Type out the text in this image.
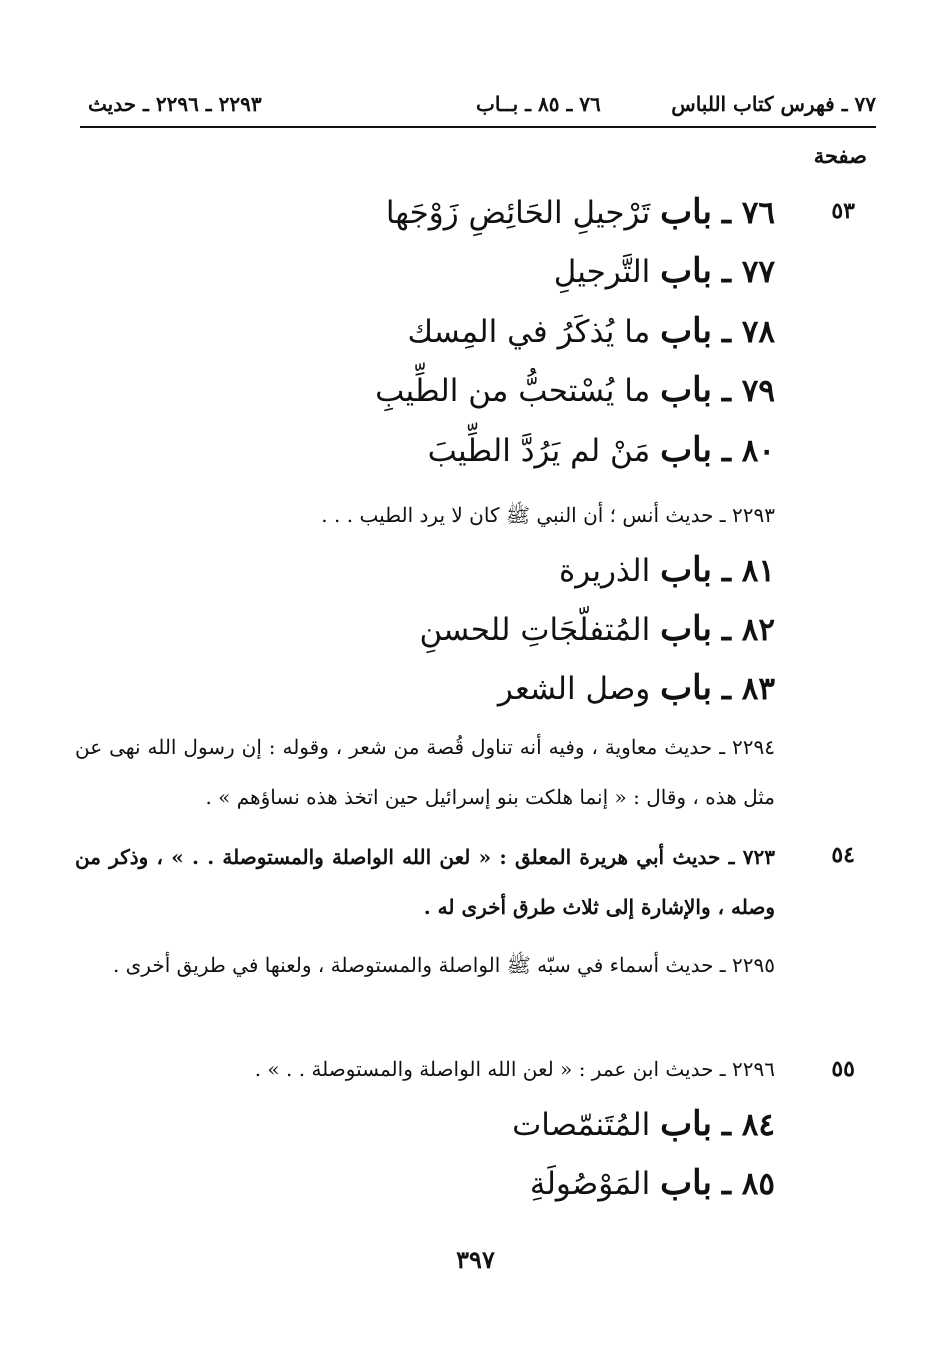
٧٧ ـ فهرس كتاب اللباس
٧٦ ـ ٨٥ ـ بــاب
٢٢٩٣ ـ ٢٢٩٦ ـ حديث
صفحة
٥٣
٧٦ ـ باب تَرْجيلِ الحَائِضِ زَوْجَها
٧٧ ـ باب التَّرجيلِ
٧٨ ـ باب ما يُذكَرُ في المِسك
٧٩ ـ باب ما يُسْتحبُّ من الطِّيبِ
٨٠ ـ باب مَنْ لم يَرُدَّ الطِّيبَ
٢٢٩٣ ـ حديث أنس ؛ أن النبي ﷺ كان لا يرد الطيب . . .
٨١ ـ باب الذريرة
٨٢ ـ باب المُتفلّجَاتِ للحسنِ
٨٣ ـ باب وصل الشعر
٢٢٩٤ ـ حديث معاوية ، وفيه أنه تناول قُصة من شعر ، وقوله : إن رسول الله نهى عن مثل هذه ، وقال : « إنما هلكت بنو إسرائيل حين اتخذ هذه نساؤهم » .
٥٤
٧٢٣ ـ حديث أبي هريرة المعلق : « لعن الله الواصلة والمستوصلة . . » ، وذكر من وصله ، والإشارة إلى ثلاث طرق أخرى له .
٢٢٩٥ ـ حديث أسماء في سبّه ﷺ الواصلة والمستوصلة ، ولعنها في طريق أخرى .
٥٥
٢٢٩٦ ـ حديث ابن عمر : « لعن الله الواصلة والمستوصلة . . » .
٨٤ ـ باب المُتَنمّصات
٨٥ ـ باب المَوْصُولَةِ
٣٩٧
